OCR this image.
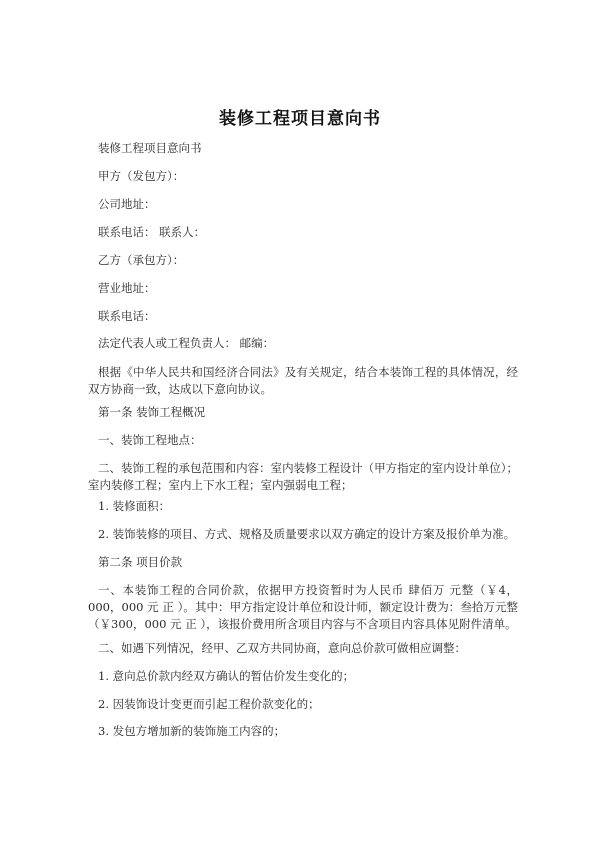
装修工程项目意向书
装修工程项目意向书
甲方（发包方）：
公司地址：
联系电话： 联系人：
乙方（承包方）：
营业地址：
联系电话：
法定代表人或工程负责人： 邮编：
根据《中华人民共和国经济合同法》及有关规定，结合本装饰工程的具体情况，经双方协商一致，达成以下意向协议。
第一条 装饰工程概况
一、装饰工程地点：
二、装饰工程的承包范围和内容：室内装修工程设计（甲方指定的室内设计单位）；室内装修工程；室内上下水工程；室内强弱电工程；
1. 装修面积：
2. 装饰装修的项目、方式、规格及质量要求以双方确定的设计方案及报价单为准。
第二条 项目价款
一、本装饰工程的合同价款，依据甲方投资暂时为人民币 肆佰万 元整（￥4，000，000 元 正 ）。其中：甲方指定设计单位和设计师，额定设计费为：叁拾万元整（￥300，000 元 正 ），该报价费用所含项目内容与不含项目内容具体见附件清单。
二、如遇下列情况，经甲、乙双方共同协商，意向总价款可做相应调整：
1. 意向总价款内经双方确认的暂估价发生变化的；
2. 因装饰设计变更而引起工程价款变化的；
3. 发包方增加新的装饰施工内容的；
